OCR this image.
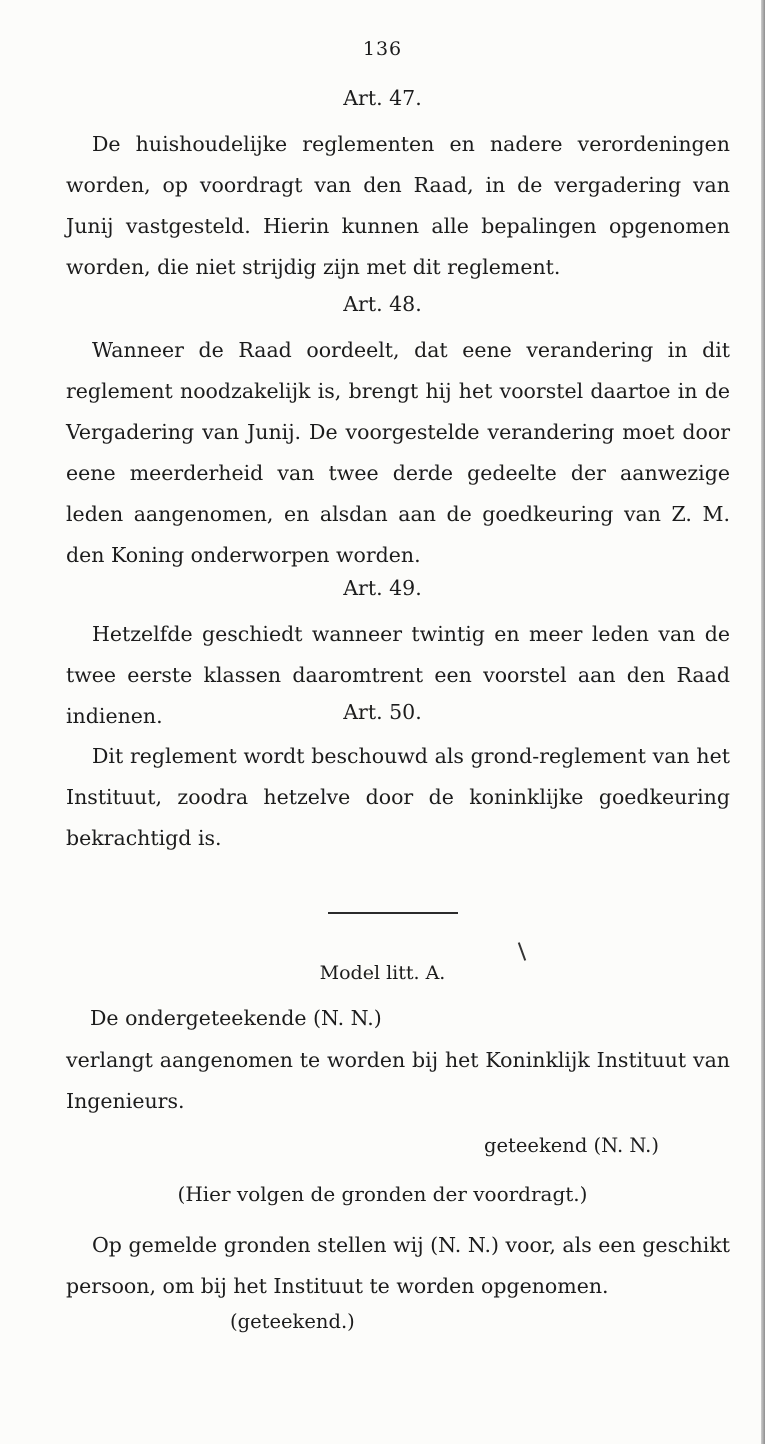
136
Art. 47.
De huishoudelijke reglementen en nadere verordeningen worden, op voordragt van den Raad, in de vergadering van Junij vastgesteld. Hierin kunnen alle bepalingen opgenomen worden, die niet strijdig zijn met dit reglement.
Art. 48.
Wanneer de Raad oordeelt, dat eene verandering in dit reglement noodzakelijk is, brengt hij het voorstel daartoe in de Vergadering van Junij. De voorgestelde verandering moet door eene meerderheid van twee derde gedeelte der aanwezige leden aangenomen, en alsdan aan de goedkeuring van Z. M. den Koning onderworpen worden.
Art. 49.
Hetzelfde geschiedt wanneer twintig en meer leden van de twee eerste klassen daaromtrent een voorstel aan den Raad indienen.	Art. 50.
Dit reglement wordt beschouwd als grond-reglement van het Instituut, zoodra hetzelve door de koninklijke goedkeuring bekrachtigd is.
Model litt. A.
De ondergeteekende (N. N.)
verlangt aangenomen te worden bij het Koninklijk Instituut van Ingenieurs.
geteekend (N. N.)
(Hier volgen de gronden der voordragt.)
Op gemelde gronden stellen wij (N. N.) voor, als een geschikt persoon, om bij het Instituut te worden opgenomen.
(geteekend.)
